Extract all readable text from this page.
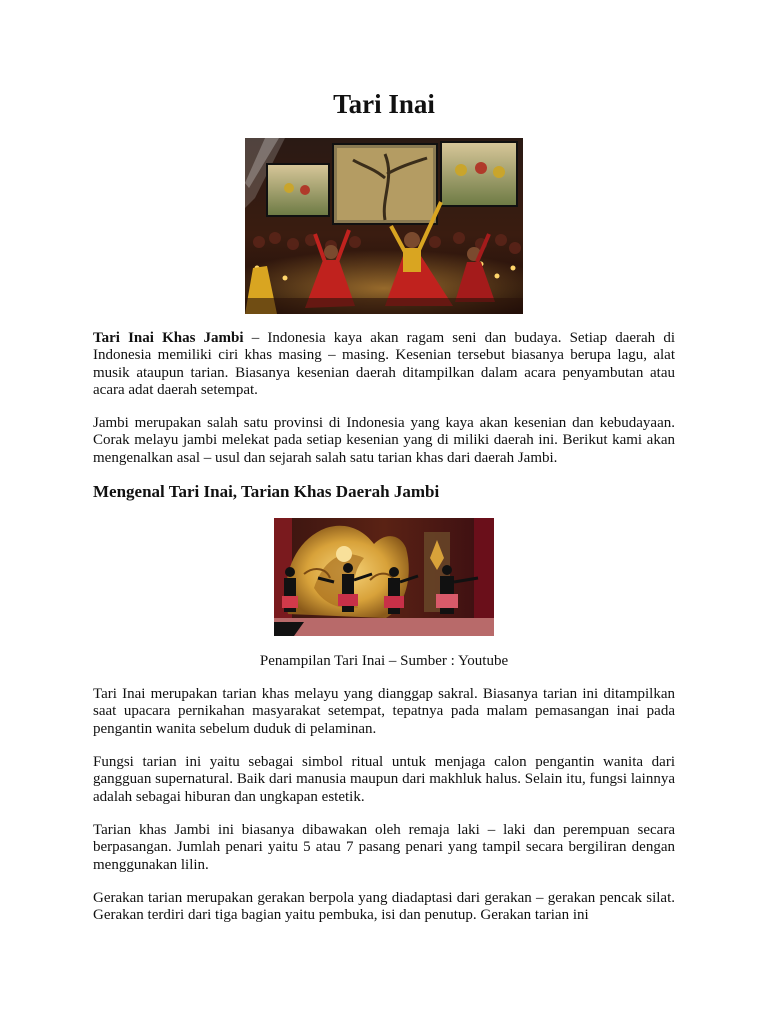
Tari Inai

Tari Inai Khas Jambi – Indonesia kaya akan ragam seni dan budaya. Setiap daerah di Indonesia memiliki ciri khas masing – masing. Kesenian tersebut biasanya berupa lagu, alat musik ataupun tarian. Biasanya kesenian daerah ditampilkan dalam acara penyambutan atau acara adat daerah setempat.

Jambi merupakan salah satu provinsi di Indonesia yang kaya akan kesenian dan kebudayaan. Corak melayu jambi melekat pada setiap kesenian yang di miliki daerah ini. Berikut kami akan mengenalkan asal – usul dan sejarah salah satu tarian khas dari daerah Jambi.

Mengenal Tari Inai, Tarian Khas Daerah Jambi
Penampilan Tari Inai – Sumber : Youtube

Tari Inai merupakan tarian khas melayu yang dianggap sakral. Biasanya tarian ini ditampilkan saat upacara pernikahan masyarakat setempat, tepatnya pada malam pemasangan inai pada pengantin wanita sebelum duduk di pelaminan.

Fungsi tarian ini yaitu sebagai simbol ritual untuk menjaga calon pengantin wanita dari gangguan supernatural. Baik dari manusia maupun dari makhluk halus. Selain itu, fungsi lainnya adalah sebagai hiburan dan ungkapan estetik.

Tarian khas Jambi ini biasanya dibawakan oleh remaja laki – laki dan perempuan secara berpasangan. Jumlah penari yaitu 5 atau 7 pasang penari yang tampil secara bergiliran dengan menggunakan lilin.

Gerakan tarian merupakan gerakan berpola yang diadaptasi dari gerakan – gerakan pencak silat. Gerakan terdiri dari tiga bagian yaitu pembuka, isi dan penutup. Gerakan tarian ini
